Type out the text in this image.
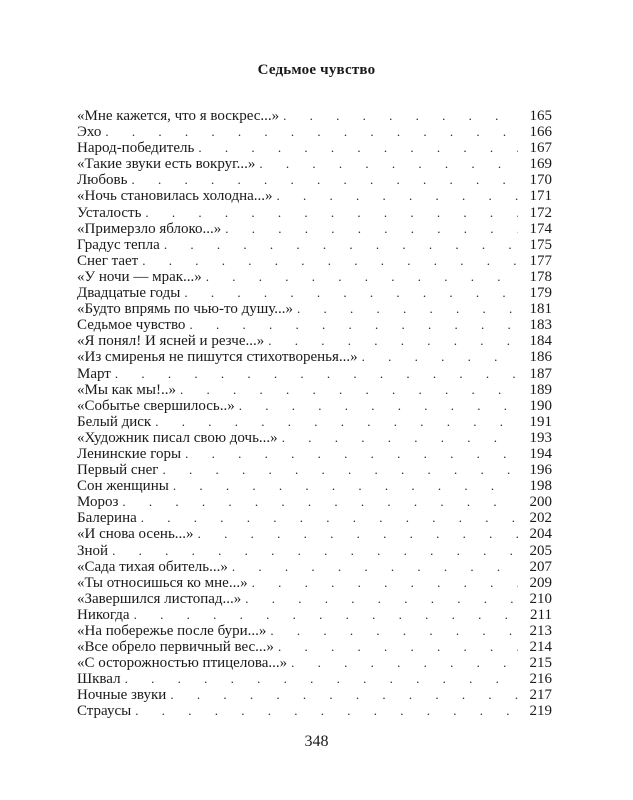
Седьмое чувство
«Мне кажется, что я воскрес...» . . .	165
Эхо . . .	166
Народ-победитель . . .	167
«Такие звуки есть вокруг...» . . .	169
Любовь . . .	170
«Ночь становилась холодна...» . . .	171
Усталость . . .	172
«Примерзло яблоко...» . . .	174
Градус тепла . . .	175
Снег тает . . .	177
«У ночи — мрак...» . . .	178
Двадцатые годы . . .	179
«Будто впрямь по чью-то душу...» . . .	181
Седьмое чувство . . .	183
«Я понял! И ясней и резче...» . . .	184
«Из смиренья не пишутся стихотворенья...» . . .	186
Март . . .	187
«Мы как мы!..» . . .	189
«Событье свершилось..» . . .	190
Белый диск . . .	191
«Художник писал свою дочь...» . . .	193
Ленинские горы . . .	194
Первый снег . . .	196
Сон женщины . . .	198
Мороз . . .	200
Балерина . . .	202
«И снова осень...» . . .	204
Зной . . .	205
«Сада тихая обитель...» . . .	207
«Ты относишься ко мне...» . . .	209
«Завершился листопад...» . . .	210
Никогда . . .	211
«На побережье после бури...» . . .	213
«Все обрело первичный вес...» . . .	214
«С осторожностью птицелова...» . . .	215
Шквал . . .	216
Ночные звуки . . .	217
Страусы . . .	219
348
